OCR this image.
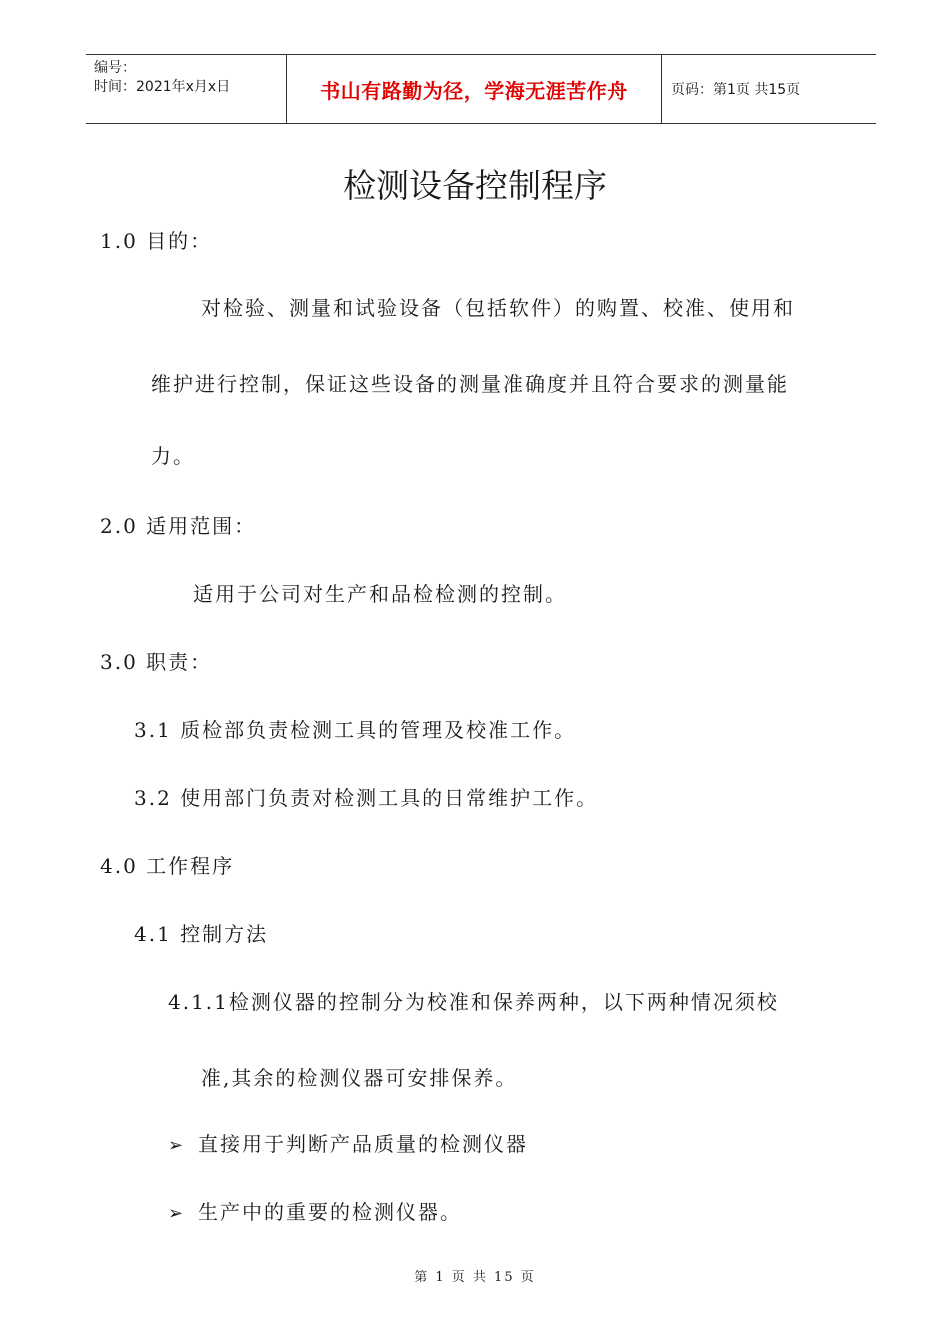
编号：
时间：2021年x月x日	书山有路勤为径，学海无涯苦作舟	页码：第1页 共15页
检测设备控制程序
1.0 目的：
对检验、测量和试验设备（包括软件）的购置、校准、使用和
维护进行控制，保证这些设备的测量准确度并且符合要求的测量能
力。
2.0 适用范围：
适用于公司对生产和品检检测的控制。
3.0 职责：
3.1 质检部负责检测工具的管理及校准工作。
3.2 使用部门负责对检测工具的日常维护工作。
4.0 工作程序
4.1 控制方法
4.1.1检测仪器的控制分为校准和保养两种，以下两种情况须校
准,其余的检测仪器可安排保养。
➢ 直接用于判断产品质量的检测仪器
➢ 生产中的重要的检测仪器。
第 1 页 共 15 页
